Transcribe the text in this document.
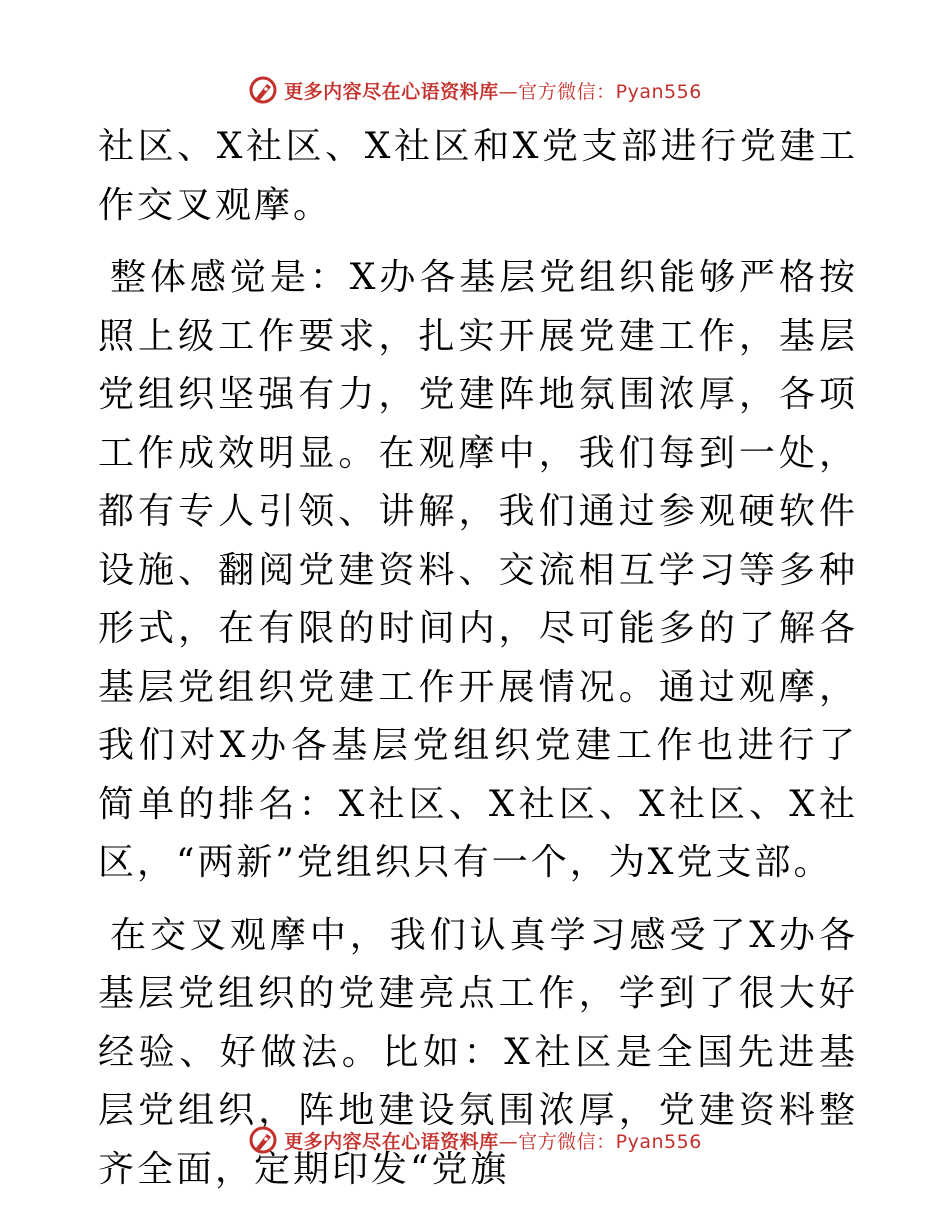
更多内容尽在心语资料库—官方微信：Pyan556

社区、X社区、X社区和X党支部进行党建工作交叉观摩。

整体感觉是：X办各基层党组织能够严格按照上级工作要求，扎实开展党建工作，基层党组织坚强有力，党建阵地氛围浓厚，各项工作成效明显。在观摩中，我们每到一处，都有专人引领、讲解，我们通过参观硬软件设施、翻阅党建资料、交流相互学习等多种形式，在有限的时间内，尽可能多的了解各基层党组织党建工作开展情况。通过观摩，我们对X办各基层党组织党建工作也进行了简单的排名：X社区、X社区、X社区、X社区，“两新”党组织只有一个，为X党支部。

在交叉观摩中，我们认真学习感受了X办各基层党组织的党建亮点工作，学到了很大好经验、好做法。比如：X社区是全国先进基层党组织，阵地建设氛围浓厚，党建资料整齐全面，定期印发“党旗

更多内容尽在心语资料库—官方微信：Pyan556
